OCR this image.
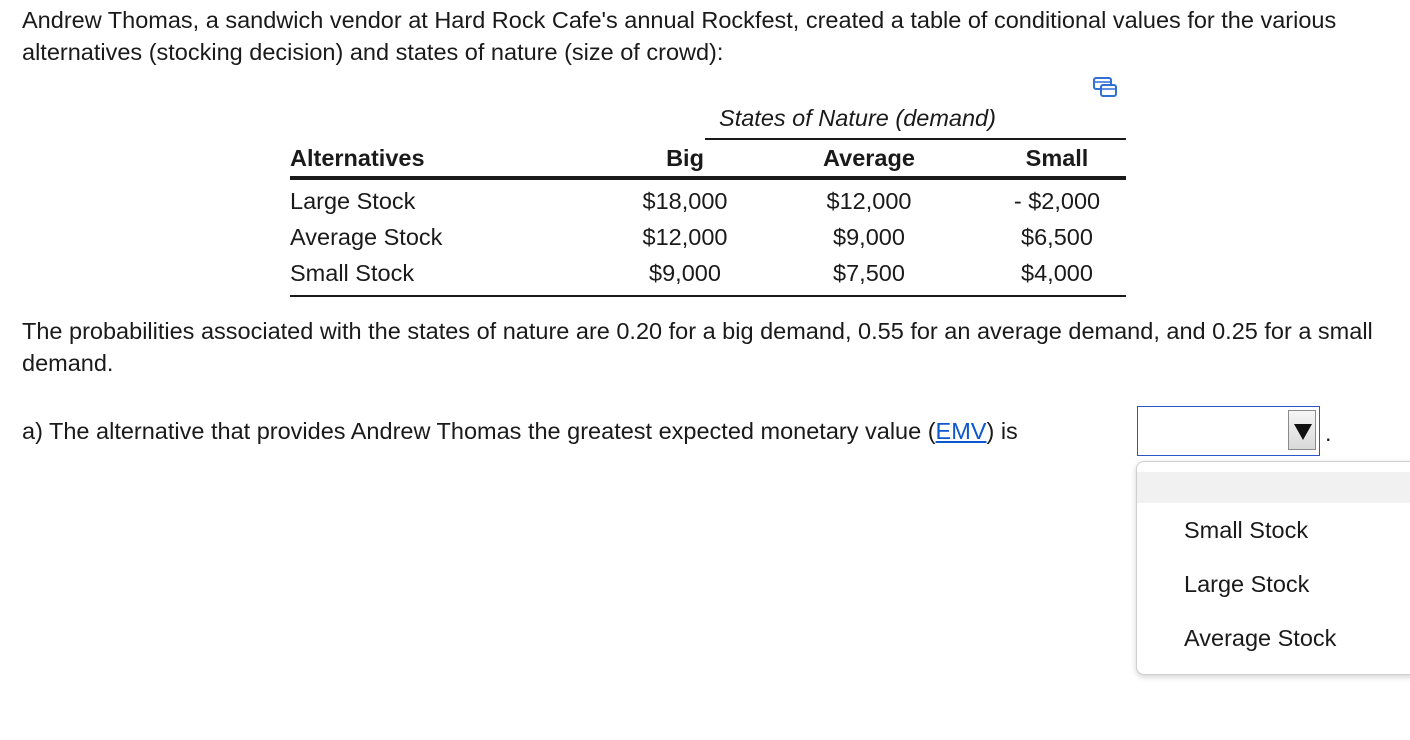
Andrew Thomas, a sandwich vendor at Hard Rock Cafe's annual Rockfest, created a table of conditional values for the various alternatives (stocking decision) and states of nature (size of crowd):

States of Nature (demand)
Alternatives	Big	Average	Small
Large Stock	$18,000	$12,000	- $2,000
Average Stock	$12,000	$9,000	$6,500
Small Stock	$9,000	$7,500	$4,000

The probabilities associated with the states of nature are 0.20 for a big demand, 0.55 for an average demand, and 0.25 for a small demand.

a) The alternative that provides Andrew Thomas the greatest expected monetary value (EMV) is	.
Small Stock
Large Stock
Average Stock
